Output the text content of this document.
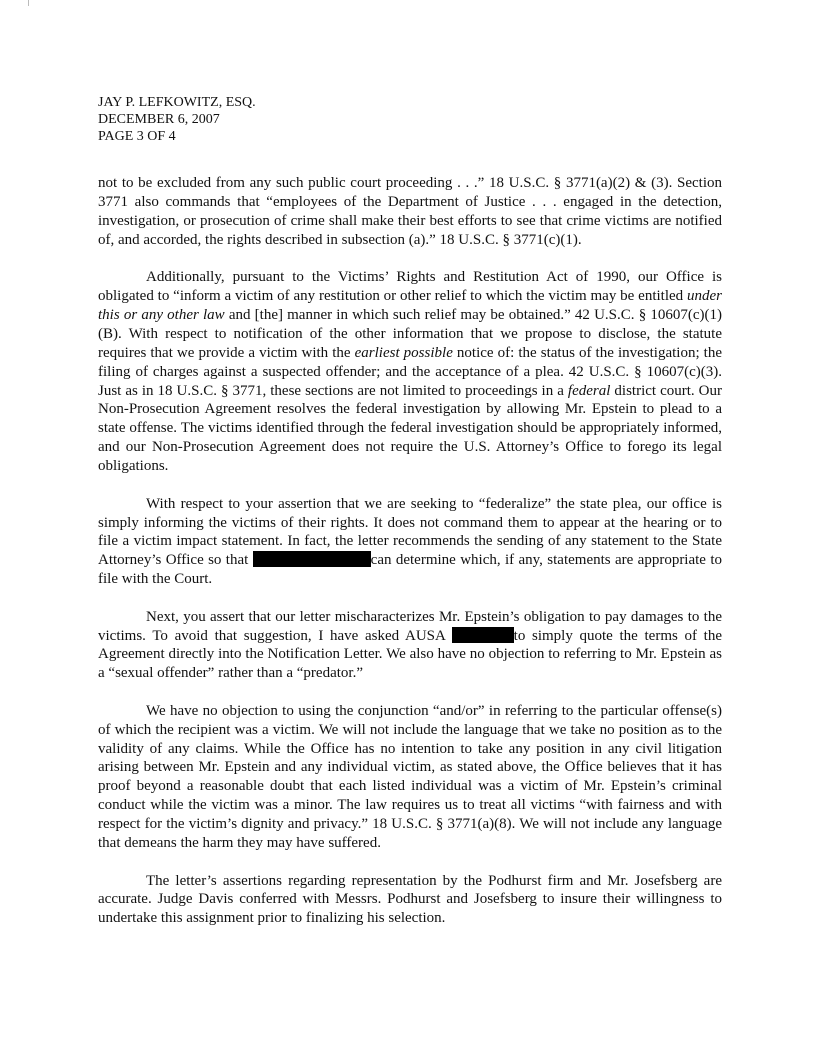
JAY P. LEFKOWITZ, ESQ.
DECEMBER 6, 2007
PAGE 3 OF 4

not to be excluded from any such public court proceeding . . .” 18 U.S.C. § 3771(a)(2) & (3). Section 3771 also commands that “employees of the Department of Justice . . . engaged in the detection, investigation, or prosecution of crime shall make their best efforts to see that crime victims are notified of, and accorded, the rights described in subsection (a).” 18 U.S.C. § 3771(c)(1).

Additionally, pursuant to the Victims’ Rights and Restitution Act of 1990, our Office is obligated to “inform a victim of any restitution or other relief to which the victim may be entitled under this or any other law and [the] manner in which such relief may be obtained.” 42 U.S.C. § 10607(c)(1)(B). With respect to notification of the other information that we propose to disclose, the statute requires that we provide a victim with the earliest possible notice of: the status of the investigation; the filing of charges against a suspected offender; and the acceptance of a plea. 42 U.S.C. § 10607(c)(3). Just as in 18 U.S.C. § 3771, these sections are not limited to proceedings in a federal district court. Our Non-Prosecution Agreement resolves the federal investigation by allowing Mr. Epstein to plead to a state offense. The victims identified through the federal investigation should be appropriately informed, and our Non-Prosecution Agreement does not require the U.S. Attorney’s Office to forego its legal obligations.

With respect to your assertion that we are seeking to “federalize” the state plea, our office is simply informing the victims of their rights. It does not command them to appear at the hearing or to file a victim impact statement. In fact, the letter recommends the sending of any statement to the State Attorney’s Office so that	can determine which, if any, statements are appropriate to file with the Court.

Next, you assert that our letter mischaracterizes Mr. Epstein’s obligation to pay damages to the victims. To avoid that suggestion, I have asked AUSA	to simply quote the terms of the Agreement directly into the Notification Letter. We also have no objection to referring to Mr. Epstein as a “sexual offender” rather than a “predator.”

We have no objection to using the conjunction “and/or” in referring to the particular offense(s) of which the recipient was a victim. We will not include the language that we take no position as to the validity of any claims. While the Office has no intention to take any position in any civil litigation arising between Mr. Epstein and any individual victim, as stated above, the Office believes that it has proof beyond a reasonable doubt that each listed individual was a victim of Mr. Epstein’s criminal conduct while the victim was a minor. The law requires us to treat all victims “with fairness and with respect for the victim’s dignity and privacy.” 18 U.S.C. § 3771(a)(8). We will not include any language that demeans the harm they may have suffered.

The letter’s assertions regarding representation by the Podhurst firm and Mr. Josefsberg are accurate. Judge Davis conferred with Messrs. Podhurst and Josefsberg to insure their willingness to undertake this assignment prior to finalizing his selection.
